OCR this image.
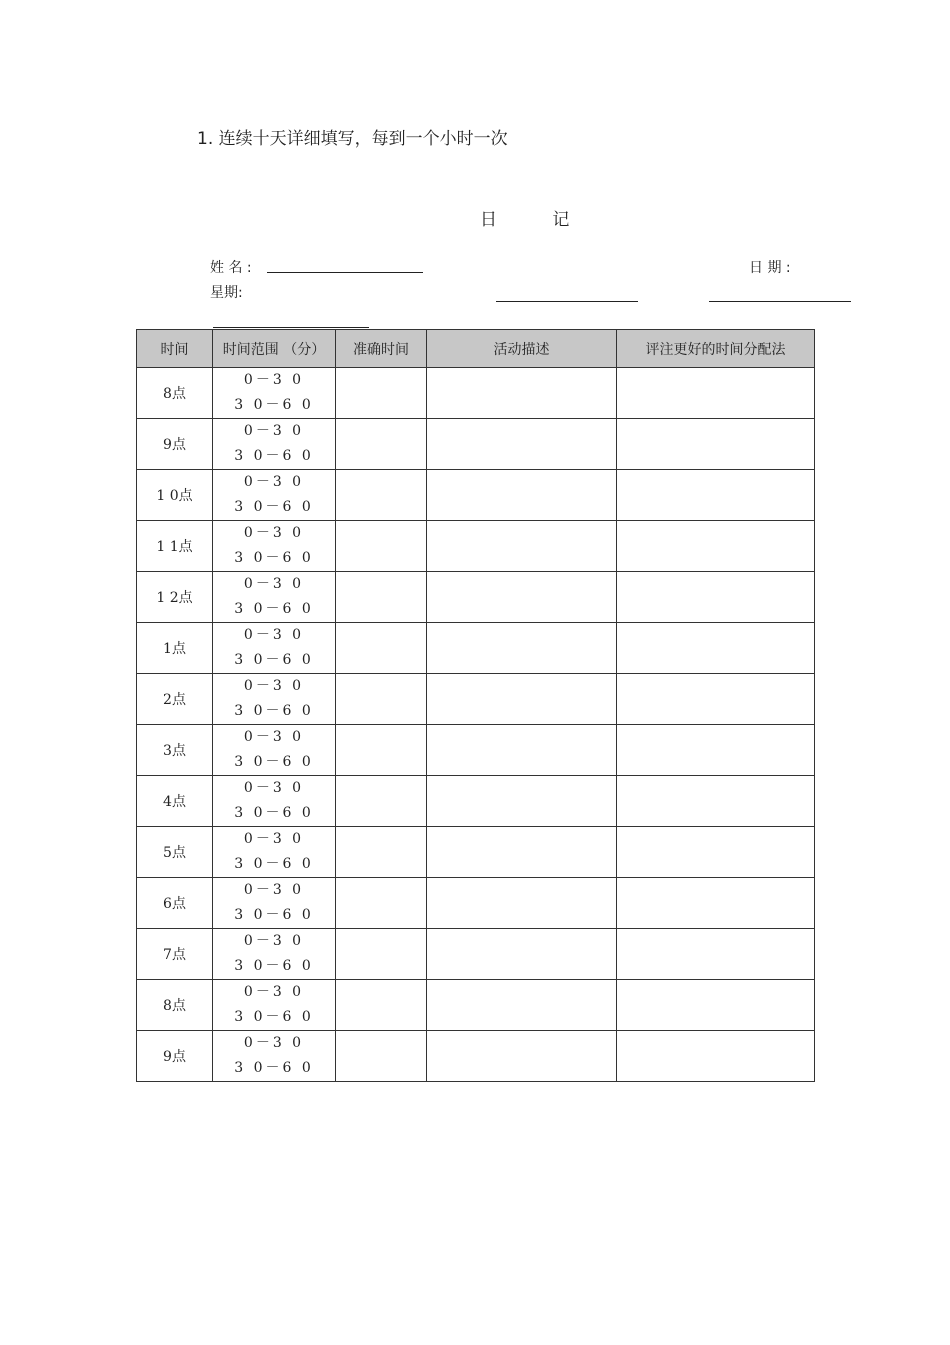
1. 连续十天详细填写，每到一个小时一次
日 记
姓 名 :	日 期 :
星期:
时间	时间范围 （分）	准确时间	活动描述	评注更好的时间分配法
8点	0－3 0
3 0－6 0			

9点	0－3 0
3 0－6 0			

1 0点	0－3 0
3 0－6 0			

1 1点	0－3 0
3 0－6 0			

1 2点	0－3 0
3 0－6 0			

1点	0－3 0
3 0－6 0			

2点	0－3 0
3 0－6 0			

3点	0－3 0
3 0－6 0			

4点	0－3 0
3 0－6 0			

5点	0－3 0
3 0－6 0			

6点	0－3 0
3 0－6 0			

7点	0－3 0
3 0－6 0			

8点	0－3 0
3 0－6 0			

9点	0－3 0
3 0－6 0			
